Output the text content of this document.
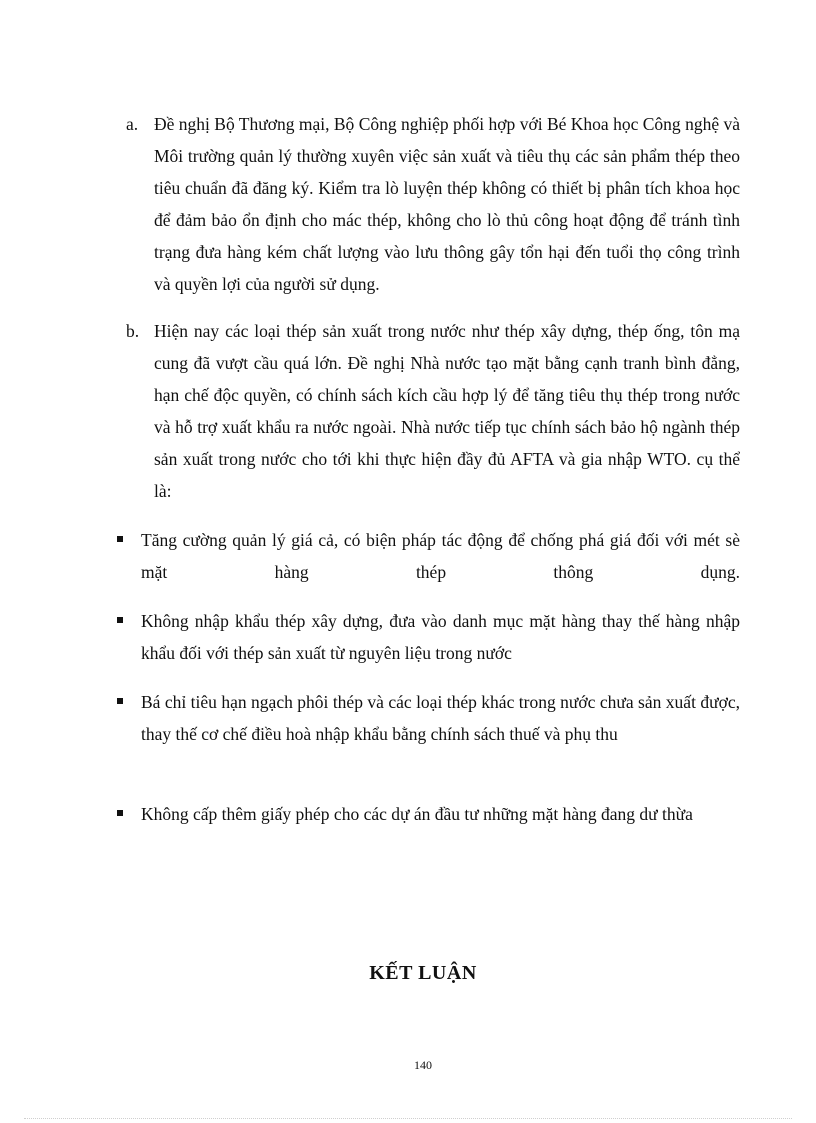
a. Đề nghị Bộ Thương mại, Bộ Công nghiệp phối hợp với Bé Khoa học Công nghệ và Môi trường quản lý thường xuyên việc sản xuất và tiêu thụ các sản phẩm thép theo tiêu chuẩn đã đăng ký. Kiểm tra lò luyện thép không có thiết bị phân tích khoa học để đảm bảo ổn định cho mác thép, không cho lò thủ công hoạt động để tránh tình trạng đưa hàng kém chất lượng vào lưu thông gây tổn hại đến tuổi thọ công trình và quyền lợi của người sử dụng.
b. Hiện nay các loại thép sản xuất trong nước như thép xây dựng, thép ống, tôn mạ cung đã vượt cầu quá lớn. Đề nghị Nhà nước tạo mặt bằng cạnh tranh bình đẳng, hạn chế độc quyền, có chính sách kích cầu hợp lý để tăng tiêu thụ thép trong nước và hỗ trợ xuất khẩu ra nước ngoài. Nhà nước tiếp tục chính sách bảo hộ ngành thép sản xuất trong nước cho tới khi thực hiện đầy đủ AFTA và gia nhập WTO. cụ thể là:
Tăng cường quản lý giá cả, có biện pháp tác động để chống phá giá đối với mét sè mặt hàng thép thông dụng.
Không nhập khẩu thép xây dựng, đưa vào danh mục mặt hàng thay thế hàng nhập khẩu đối với thép sản xuất từ nguyên liệu trong nước
Bá chỉ tiêu hạn ngạch phôi thép và các loại thép khác trong nước chưa sản xuất được, thay thế cơ chế điều hoà nhập khẩu bằng chính sách thuế và phụ thu
Không cấp thêm giấy phép cho các dự án đầu tư những mặt hàng đang dư thừa
KẾT LUẬN
140
